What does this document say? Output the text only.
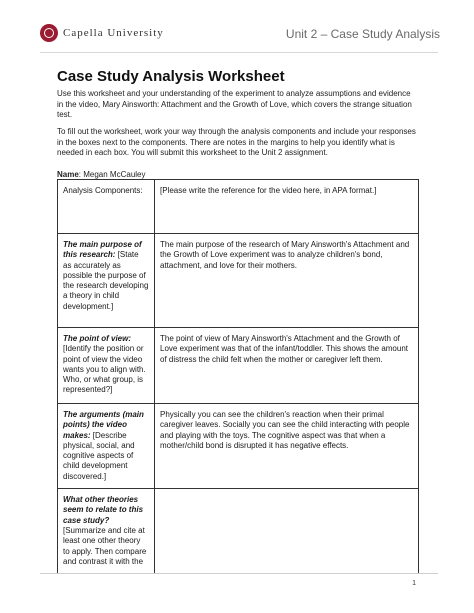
Capella University	Unit 2 – Case Study Analysis
Case Study Analysis Worksheet
Use this worksheet and your understanding of the experiment to analyze assumptions and evidence in the video, Mary Ainsworth: Attachment and the Growth of Love, which covers the strange situation test.
To fill out the worksheet, work your way through the analysis components and include your responses in the boxes next to the components. There are notes in the margins to help you identify what is needed in each box. You will submit this worksheet to the Unit 2 assignment.
Name: Megan McCauley
Analysis Components:	[Please write the reference for the video here, in APA format.]
The main purpose of this research: [State as accurately as possible the purpose of the research developing a theory in child development.]	The main purpose of the research of Mary Ainsworth's Attachment and the Growth of Love experiment was to analyze children's bond, attachment, and love for their mothers.
The point of view: [Identify the position or point of view the video wants you to align with. Who, or what group, is represented?]	The point of view of Mary Ainsworth's Attachment and the Growth of Love experiment was that of the infant/toddler. This shows the amount of distress the child felt when the mother or caregiver left them.
The arguments (main points) the video makes: [Describe physical, social, and cognitive aspects of child development discovered.]	Physically you can see the children's reaction when their primal caregiver leaves. Socially you can see the child interacting with people and playing with the toys. The cognitive aspect was that when a mother/child bond is disrupted it has negative effects.
What other theories seem to relate to this case study? [Summarize and cite at least one other theory to apply. Then compare and contrast it with the	
1
